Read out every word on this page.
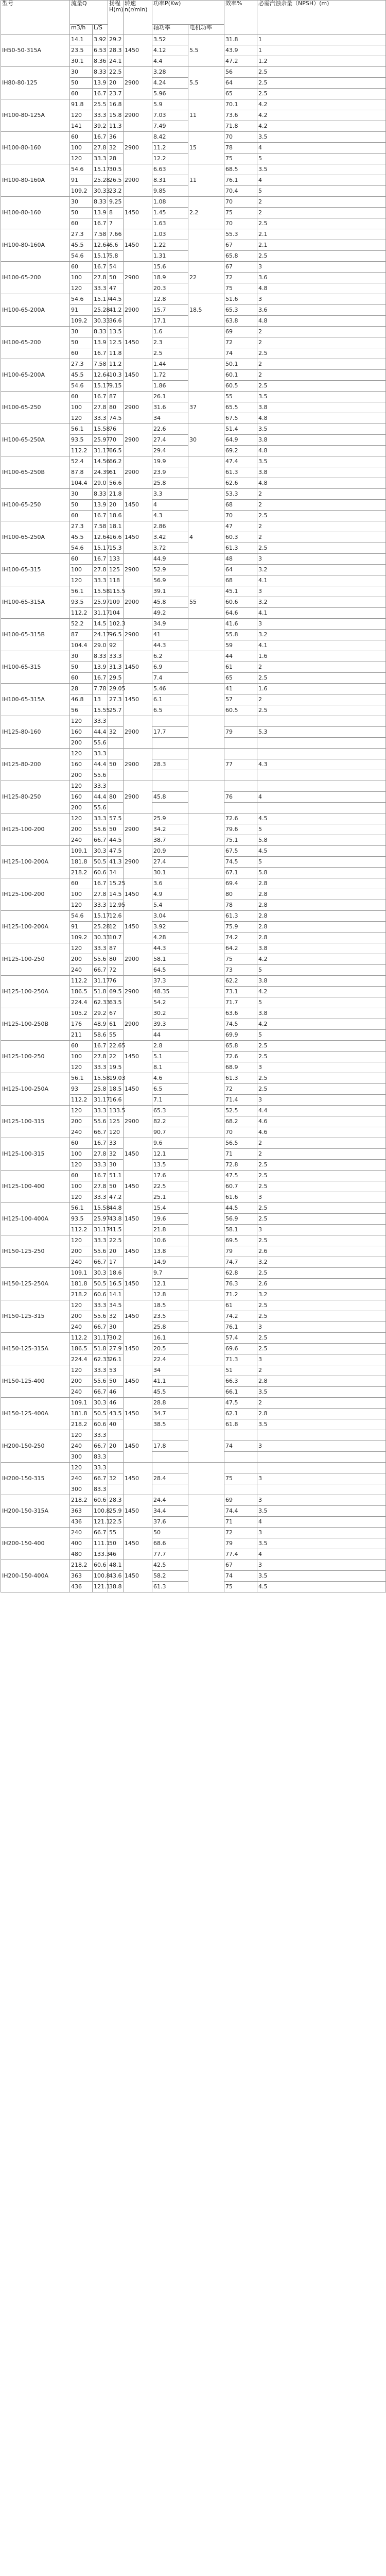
型号	流量Q		扬程 H(m)	转速 n(r/min)	功率P(Kw)		效率%	必需汽蚀余量（NPSH）(m)
	m3/h	L/S			轴功率	电机功率		
IH50-50-315A	14.1	3.92	29.2	1450	3.52	5.5	31.8	1
	23.5	6.53	28.3		4.12		43.9	1
	30.1	8.36	24.1		4.4		47.2	1.2
IH80-80-125	30	8.33	22.5	2900	3.28	5.5	56	2.5
	50	13.9	20		4.24		64	2.5
	60	16.7	23.7		5.96		65	2.5
IH100-80-125A	91.8	25.5	16.8	2900	5.9	11	70.1	4.2
	120	33.3	15.8		7.03		73.6	4.2
	141	39.2	11.3		7.49		71.8	4.2
IH100-80-160	60	16.7	36	2900	8.42	15	70	3.5
	100	27.8	32		11.2		78	4
	120	33.3	28		12.2		75	5
IH100-80-160A	54.6	15.17	30.5	2900	6.63	11	68.5	3.5
	91	25.28	26.5		8.31		76.1	4
	109.2	30.33	23.2		9.85		70.4	5
IH100-80-160	30	8.33	9.25	1450	1.08	2.2	70	2
	50	13.9	8		1.45		75	2
	60	16.7	7		1.63		70	2.5
IH100-80-160A	27.3	7.58	7.66	1450	1.03		55.3	2.1
	45.5	12.64	6.6		1.22		67	2.1
	54.6	15.17	5.8		1.31		65.8	2.5
IH100-65-200	60	16.7	54	2900	15.6	22	67	3
	100	27.8	50		18.9		72	3.6
	120	33.3	47		20.3		75	4.8
IH100-65-200A	54.6	15.17	44.5	2900	12.8	18.5	51.6	3
	91	25.28	41.2		15.7		65.3	3.6
	109.2	30.33	36.6		17.1		63.8	4.8
IH100-65-200	30	8.33	13.5	1450	1.6		69	2
	50	13.9	12.5		2.3		72	2
	60	16.7	11.8		2.5		74	2.5
IH100-65-200A	27.3	7.58	11.2	1450	1.44		50.1	2
	45.5	12.64	10.3		1.72		60.1	2
	54.6	15.17	9.15		1.86		60.5	2.5
IH100-65-250	60	16.7	87	2900	26.1	37	55	3.5
	100	27.8	80		31.6		65.5	3.8
	120	33.3	74.5		34		67.5	4.8
IH100-65-250A	56.1	15.58	76	2900	22.6	30	51.4	3.5
	93.5	25.97	70		27.4		64.9	3.8
	112.2	31.17	66.5		29.4		69.2	4.8
IH100-65-250B	52.4	14.56	66.2	2900	19.9		47.4	3.5
	87.8	24.39	61		23.9		61.3	3.8
	104.4	29.0	56.6		25.8		62.6	4.8
IH100-65-250	30	8.33	21.8	1450	3.3		53.3	2
	50	13.9	20		4		68	2
	60	16.7	18.6		4.3		70	2.5
IH100-65-250A	27.3	7.58	18.1	1450	2.86	4	47	2
	45.5	12.64	16.6		3.42		60.3	2
	54.6	15.17	15.3		3.72		61.3	2.5
IH100-65-315	60	16.7	133	2900	44.9		48	3
	100	27.8	125		52.9		64	3.2
	120	33.3	118		56.9		68	4.1
IH100-65-315A	56.1	15.58	115.5	2900	39.1	55	45.1	3
	93.5	25.97	109		45.8		60.6	3.2
	112.2	31.17	104		49.2		64.6	4.1
IH100-65-315B	52.2	14.5	102.3	2900	34.9		41.6	3
	87	24.17	96.5		41		55.8	3.2
	104.4	29.0	92		44.3		59	4.1
IH100-65-315	30	8.33	33.3	1450	6.2		44	1.6
	50	13.9	31.3		6.9		61	2
	60	16.7	29.5		7.4		65	2.5
IH100-65-315A	28	7.78	29.05	1450	5.46		41	1.6
	46.8	13	27.3		6.1		57	2
	56	15.55	25.7		6.5		60.5	2.5
IH125-80-160	120	33.3		2900				
	160	44.4	32		17.7		79	5.3
	200	55.6						
IH125-80-200	120	33.3		2900				
	160	44.4	50		28.3		77	4.3
	200	55.6						
IH125-80-250	120	33.3		2900				
	160	44.4	80		45.8		76	4
	200	55.6						
IH125-100-200	120	33.3	57.5	2900	25.9		72.6	4.5
	200	55.6	50		34.2		79.6	5
	240	66.7	44.5		38.7		75.1	5.8
IH125-100-200A	109.1	30.3	47.5	2900	20.9		67.5	4.5
	181.8	50.5	41.3		27.4		74.5	5
	218.2	60.6	34		30.1		67.1	5.8
IH125-100-200	60	16.7	15.25	1450	3.6		69.4	2.8
	100	27.8	14.5		4.9		80	2.8
	120	33.3	12.95		5.4		78	2.8
IH125-100-200A	54.6	15.17	12.6	1450	3.04		61.3	2.8
	91	25.28	12		3.92		75.9	2.8
	109.2	30.33	10.7		4.28		74.2	2.8
IH125-100-250	120	33.3	87	2900	44.3		64.2	3.8
	200	55.6	80		58.1		75	4.2
	240	66.7	72		64.5		73	5
IH125-100-250A	112.2	31.17	76	2900	37.3		62.2	3.8
	186.5	51.8	69.5		48.35		73.1	4.2
	224.4	62.33	63.5		54.2		71.7	5
IH125-100-250B	105.2	29.2	67	2900	30.2		63.6	3.8
	176	48.9	61		39.3		74.5	4.2
	211	58.6	55		44		69.9	5
IH125-100-250	60	16.7	22.65	1450	2.8		65.8	2.5
	100	27.8	22		5.1		72.6	2.5
	120	33.3	19.5		8.1		68.9	3
IH125-100-250A	56.1	15.58	19.03	1450	4.6		61.3	2.5
	93	25.8	18.5		6.5		72	2.5
	112.2	31.17	16.6		7.1		71.4	3
IH125-100-315	120	33.3	133.5	2900	65.3		52.5	4.4
	200	55.6	125		82.2		68.2	4.6
	240	66.7	120		90.7		70	4.6
IH125-100-315	60	16.7	33	1450	9.6		56.5	2
	100	27.8	32		12.1		71	2
	120	33.3	30		13.5		72.8	2.5
IH125-100-400	60	16.7	51.1	1450	17.6		47.5	2.5
	100	27.8	50		22.5		60.7	2.5
	120	33.3	47.2		25.1		61.6	3
IH125-100-400A	56.1	15.58	44.8	1450	15.4		44.5	2.5
	93.5	25.97	43.8		19.6		56.9	2.5
	112.2	31.17	41.5		21.8		58.1	3
IH150-125-250	120	33.3	22.5	1450	10.6		69.5	2.5
	200	55.6	20		13.8		79	2.6
	240	66.7	17		14.9		74.7	3.2
IH150-125-250A	109.1	30.3	18.6	1450	9.7		62.8	2.5
	181.8	50.5	16.5		12.1		76.3	2.6
	218.2	60.6	14.1		12.8		71.2	3.2
IH150-125-315	120	33.3	34.5	1450	18.5		61	2.5
	200	55.6	32		23.5		74.2	2.5
	240	66.7	30		25.8		76.1	3
IH150-125-315A	112.2	31.17	30.2	1450	16.1		57.4	2.5
	186.5	51.8	27.9		20.5		69.6	2.5
	224.4	62.33	26.1		22.4		71.3	3
IH150-125-400	120	33.3	53	1450	34		51	2
	200	55.6	50		41.1		66.3	2.8
	240	66.7	46		45.5		66.1	3.5
IH150-125-400A	109.1	30.3	46	1450	28.8		47.5	2
	181.8	50.5	43.5		34.7		62.1	2.8
	218.2	60.6	40		38.5		61.8	3.5
IH200-150-250	120	33.3		1450				
	240	66.7	20		17.8		74	3
	300	83.3						
IH200-150-315	120	33.3		1450				
	240	66.7	32		28.4		75	3
	300	83.3						
IH200-150-315A	218.2	60.6	28.3	1450	24.4		69	3
	363	100.8	25.9		34.4		74.4	3.5
	436	121.1	22.5		37.6		71	4
IH200-150-400	240	66.7	55	1450	50		72	3
	400	111.1	50		68.6		79	3.5
	480	133.3	46		77.7		77.4	4
IH200-150-400A	218.2	60.6	48.1	1450	42.5		67	3
	363	100.8	43.6		58.2		74	3.5
	436	121.1	38.8		61.3		75	4.5
